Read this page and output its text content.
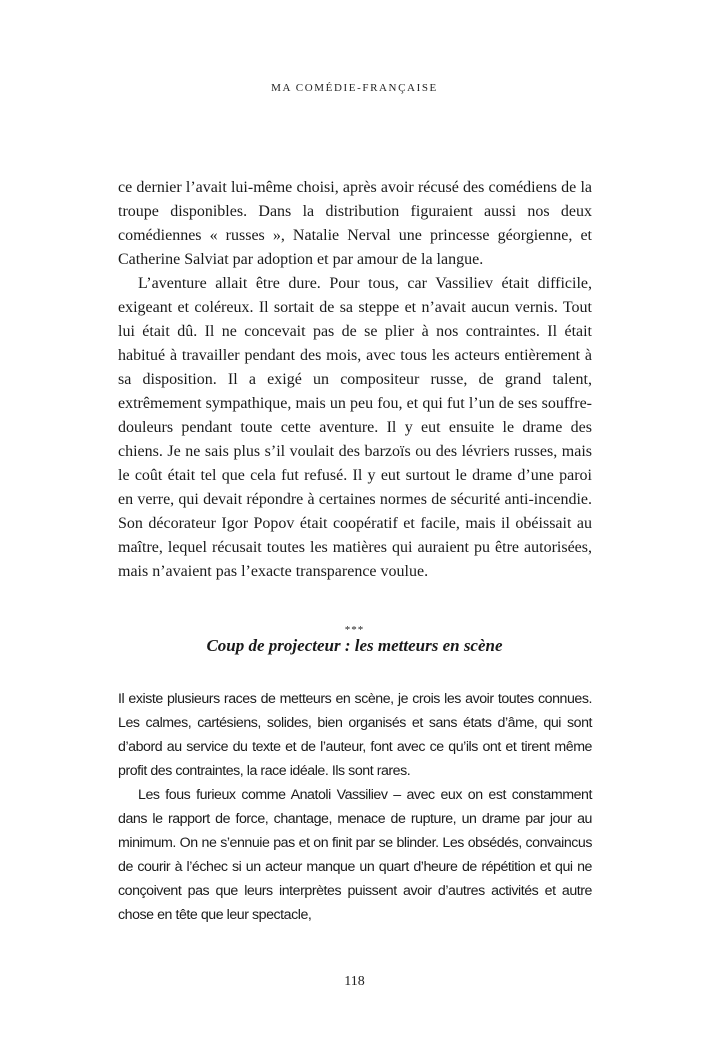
MA COMÉDIE-FRANÇAISE

ce dernier l’avait lui-même choisi, après avoir récusé des comédiens de la troupe disponibles. Dans la distribution figuraient aussi nos deux comédiennes « russes », Natalie Nerval une princesse géorgienne, et Catherine Salviat par adoption et par amour de la langue.

L’aventure allait être dure. Pour tous, car Vassiliev était difficile, exigeant et coléreux. Il sortait de sa steppe et n’avait aucun vernis. Tout lui était dû. Il ne concevait pas de se plier à nos contraintes. Il était habitué à travailler pendant des mois, avec tous les acteurs entièrement à sa disposition. Il a exigé un compositeur russe, de grand talent, extrêmement sympathique, mais un peu fou, et qui fut l’un de ses souffre-douleurs pendant toute cette aventure. Il y eut ensuite le drame des chiens. Je ne sais plus s’il voulait des barzoïs ou des lévriers russes, mais le coût était tel que cela fut refusé. Il y eut surtout le drame d’une paroi en verre, qui devait répondre à certaines normes de sécurité anti-incendie. Son décorateur Igor Popov était coopératif et facile, mais il obéissait au maître, lequel récusait toutes les matières qui auraient pu être autorisées, mais n’avaient pas l’exacte transparence voulue.

***
Coup de projecteur : les metteurs en scène

Il existe plusieurs races de metteurs en scène, je crois les avoir toutes connues. Les calmes, cartésiens, solides, bien organisés et sans états d’âme, qui sont d’abord au service du texte et de l’auteur, font avec ce qu’ils ont et tirent même profit des contraintes, la race idéale. Ils sont rares.

Les fous furieux comme Anatoli Vassiliev – avec eux on est constamment dans le rapport de force, chantage, menace de rupture, un drame par jour au minimum. On ne s’ennuie pas et on finit par se blinder. Les obsédés, convaincus de courir à l’échec si un acteur manque un quart d’heure de répétition et qui ne conçoivent pas que leurs interprètes puissent avoir d’autres activités et autre chose en tête que leur spectacle,

118
